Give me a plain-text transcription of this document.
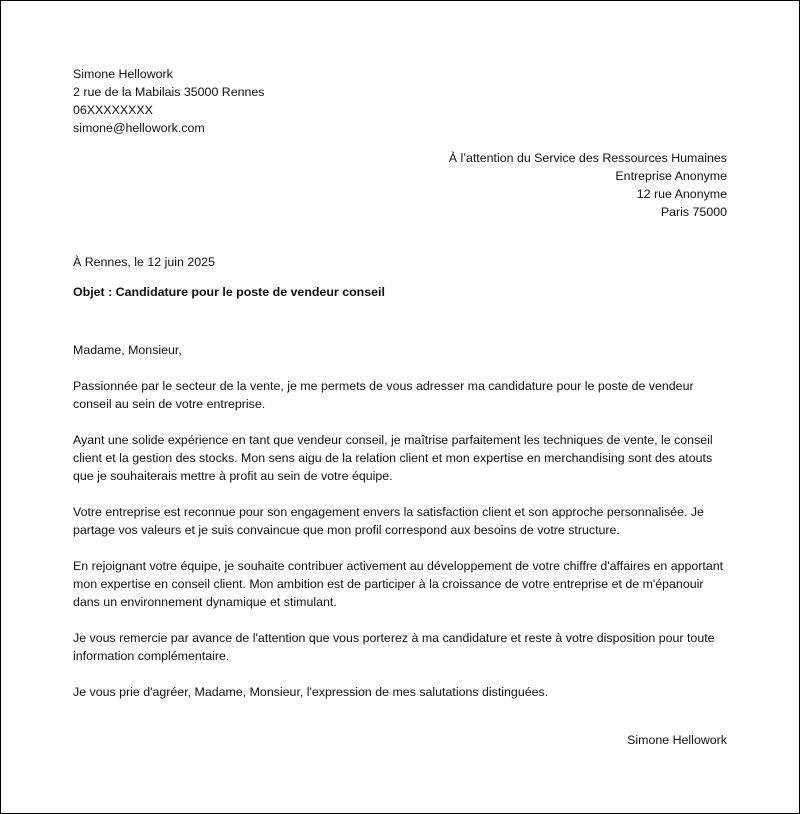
Simone Hellowork
2 rue de la Mabilais 35000 Rennes
06XXXXXXXX
simone@hellowork.com
À l’attention du Service des Ressources Humaines
Entreprise Anonyme
12 rue Anonyme
Paris 75000
À Rennes, le 12 juin 2025
Objet : Candidature pour le poste de vendeur conseil

Madame, Monsieur,

Passionnée par le secteur de la vente, je me permets de vous adresser ma candidature pour le poste de vendeur conseil au sein de votre entreprise.

Ayant une solide expérience en tant que vendeur conseil, je maîtrise parfaitement les techniques de vente, le conseil client et la gestion des stocks. Mon sens aigu de la relation client et mon expertise en merchandising sont des atouts que je souhaiterais mettre à profit au sein de votre équipe.

Votre entreprise est reconnue pour son engagement envers la satisfaction client et son approche personnalisée. Je partage vos valeurs et je suis convaincue que mon profil correspond aux besoins de votre structure.

En rejoignant votre équipe, je souhaite contribuer activement au développement de votre chiffre d'affaires en apportant mon expertise en conseil client. Mon ambition est de participer à la croissance de votre entreprise et de m'épanouir dans un environnement dynamique et stimulant.

Je vous remercie par avance de l'attention que vous porterez à ma candidature et reste à votre disposition pour toute information complémentaire.

Je vous prie d'agréer, Madame, Monsieur, l'expression de mes salutations distinguées.

Simone Hellowork
